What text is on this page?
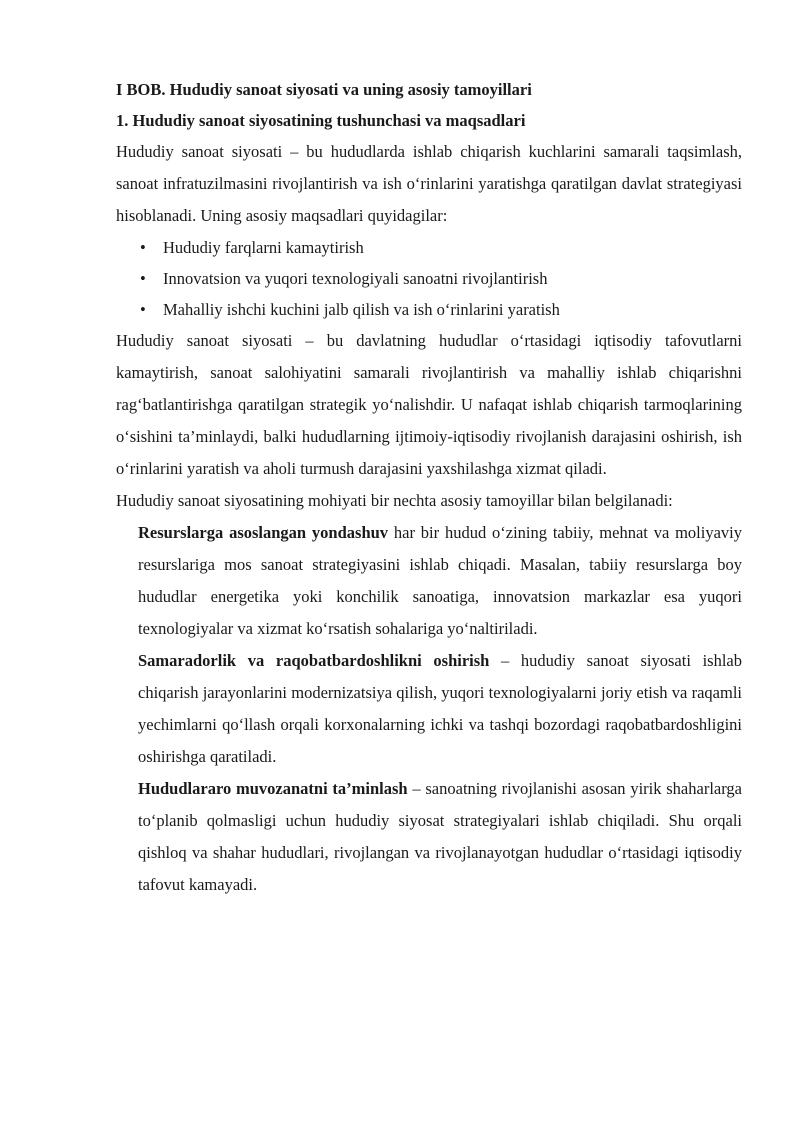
I BOB. Hududiy sanoat siyosati va uning asosiy tamoyillari
1. Hududiy sanoat siyosatining tushunchasi va maqsadlari

Hududiy sanoat siyosati – bu hududlarda ishlab chiqarish kuchlarini samarali taqsimlash, sanoat infratuzilmasini rivojlantirish va ish o‘rinlarini yaratishga qaratilgan davlat strategiyasi hisoblanadi. Uning asosiy maqsadlari quyidagilar:

• Hududiy farqlarni kamaytirish
• Innovatsion va yuqori texnologiyali sanoatni rivojlantirish
• Mahalliy ishchi kuchini jalb qilish va ish o‘rinlarini yaratish

Hududiy sanoat siyosati – bu davlatning hududlar o‘rtasidagi iqtisodiy tafovutlarni kamaytirish, sanoat salohiyatini samarali rivojlantirish va mahalliy ishlab chiqarishni rag‘batlantirishga qaratilgan strategik yo‘nalishdir. U nafaqat ishlab chiqarish tarmoqlarining o‘sishini ta’minlaydi, balki hududlarning ijtimoiy-iqtisodiy rivojlanish darajasini oshirish, ish o‘rinlarini yaratish va aholi turmush darajasini yaxshilashga xizmat qiladi.

Hududiy sanoat siyosatining mohiyati bir nechta asosiy tamoyillar bilan belgilanadi:

Resurslarga asoslangan yondashuv har bir hudud o‘zining tabiiy, mehnat va moliyaviy resurslariga mos sanoat strategiyasini ishlab chiqadi. Masalan, tabiiy resurslarga boy hududlar energetika yoki konchilik sanoatiga, innovatsion markazlar esa yuqori texnologiyalar va xizmat ko‘rsatish sohalariga yo‘naltiriladi.

Samaradorlik va raqobatbardoshlikni oshirish – hududiy sanoat siyosati ishlab chiqarish jarayonlarini modernizatsiya qilish, yuqori texnologiyalarni joriy etish va raqamli yechimlarni qo‘llash orqali korxonalarning ichki va tashqi bozordagi raqobatbardoshligini oshirishga qaratiladi.

Hududlararo muvozanatni ta’minlash – sanoatning rivojlanishi asosan yirik shaharlarga to‘planib qolmasligi uchun hududiy siyosat strategiyalari ishlab chiqiladi. Shu orqali qishloq va shahar hududlari, rivojlangan va rivojlanayotgan hududlar o‘rtasidagi iqtisodiy tafovut kamayadi.
